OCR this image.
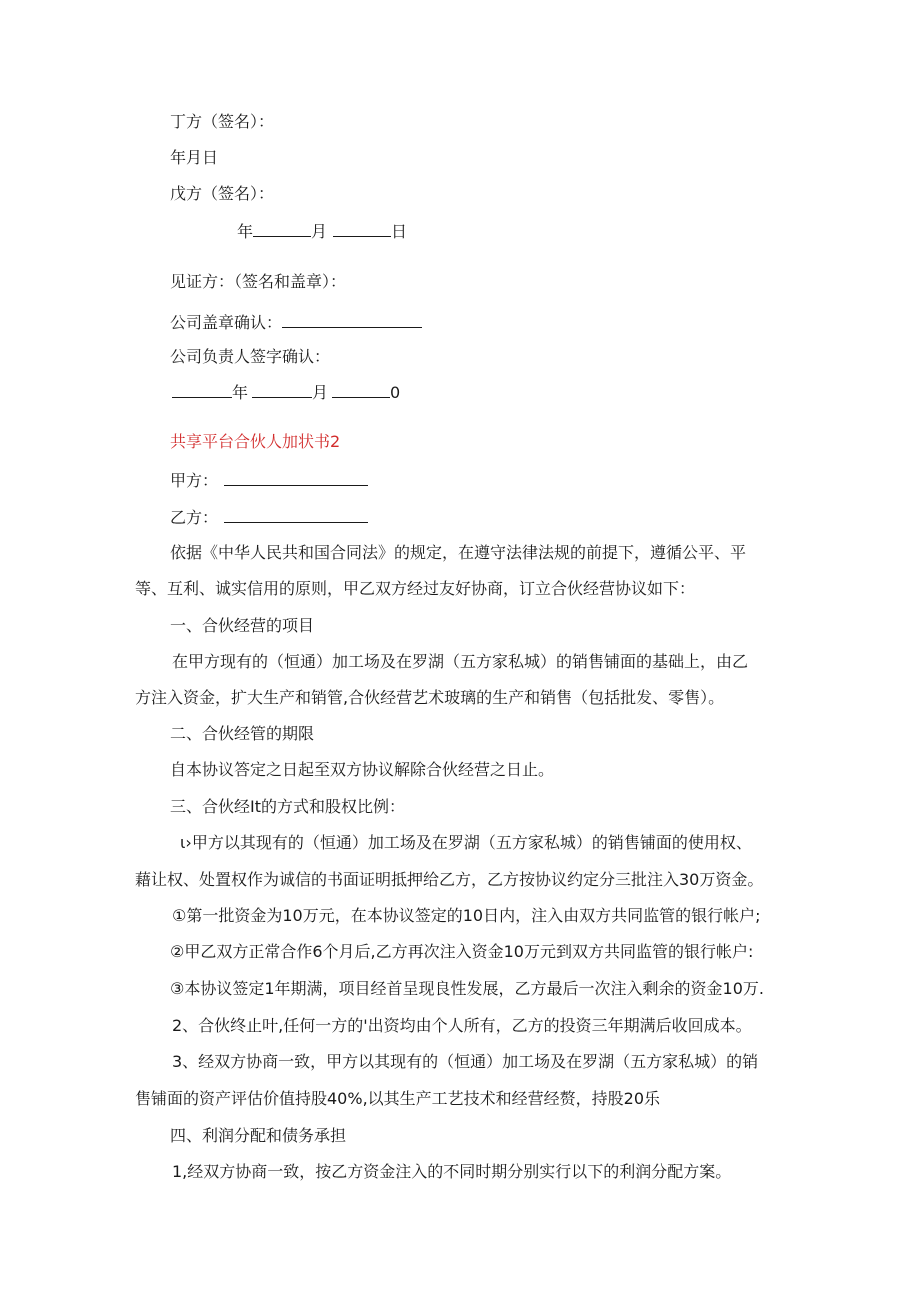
丁方（签名）：
年月日
戊方（签名）：
年	月	日
见证方：（签名和盖章）：
公司盖章确认：
公司负责人签字确认：
年	月	0
共享平台合伙人加状书2
甲方：
乙方：
依据《中华人民共和国合同法》的规定，在遵守法律法规的前提下，遵循公平、平
等、互利、诚实信用的原则，甲乙双方经过友好协商，订立合伙经营协议如下：
一、合伙经营的项目
在甲方现有的（恒通）加工场及在罗湖（五方家私城）的销售铺面的基础上，由乙
方注入资金，扩大生产和销管,合伙经营艺术玻璃的生产和销售（包括批发、零售）。
二、合伙经管的期限
自本协议答定之日起至双方协议解除合伙经营之日止。
三、合伙经It的方式和股权比例：
ι›甲方以其现有的（恒通）加工场及在罗湖（五方家私城）的销售铺面的使用权、
藉让权、处置权作为诚信的书面证明抵押给乙方，乙方按协议约定分三批注入30万资金。
①第一批资金为10万元，在本协议签定的10日内，注入由双方共同监管的银行帐户;
②甲乙双方正常合作6个月后,乙方再次注入资金10万元到双方共同监管的银行帐户:
③本协议签定1年期满，项目经首呈现良性发展，乙方最后一次注入剩余的资金10万.
2、合伙终止叶,任何一方的'出资均由个人所有，乙方的投资三年期满后收回成本。
3、经双方协商一致，甲方以其现有的（恒通）加工场及在罗湖（五方家私城）的销
售铺面的资产评估价值持股40%,以其生产工艺技术和经营经赘，持股20乐
四、利润分配和债务承担
1,经双方协商一致，按乙方资金注入的不同时期分别实行以下的利润分配方案。
